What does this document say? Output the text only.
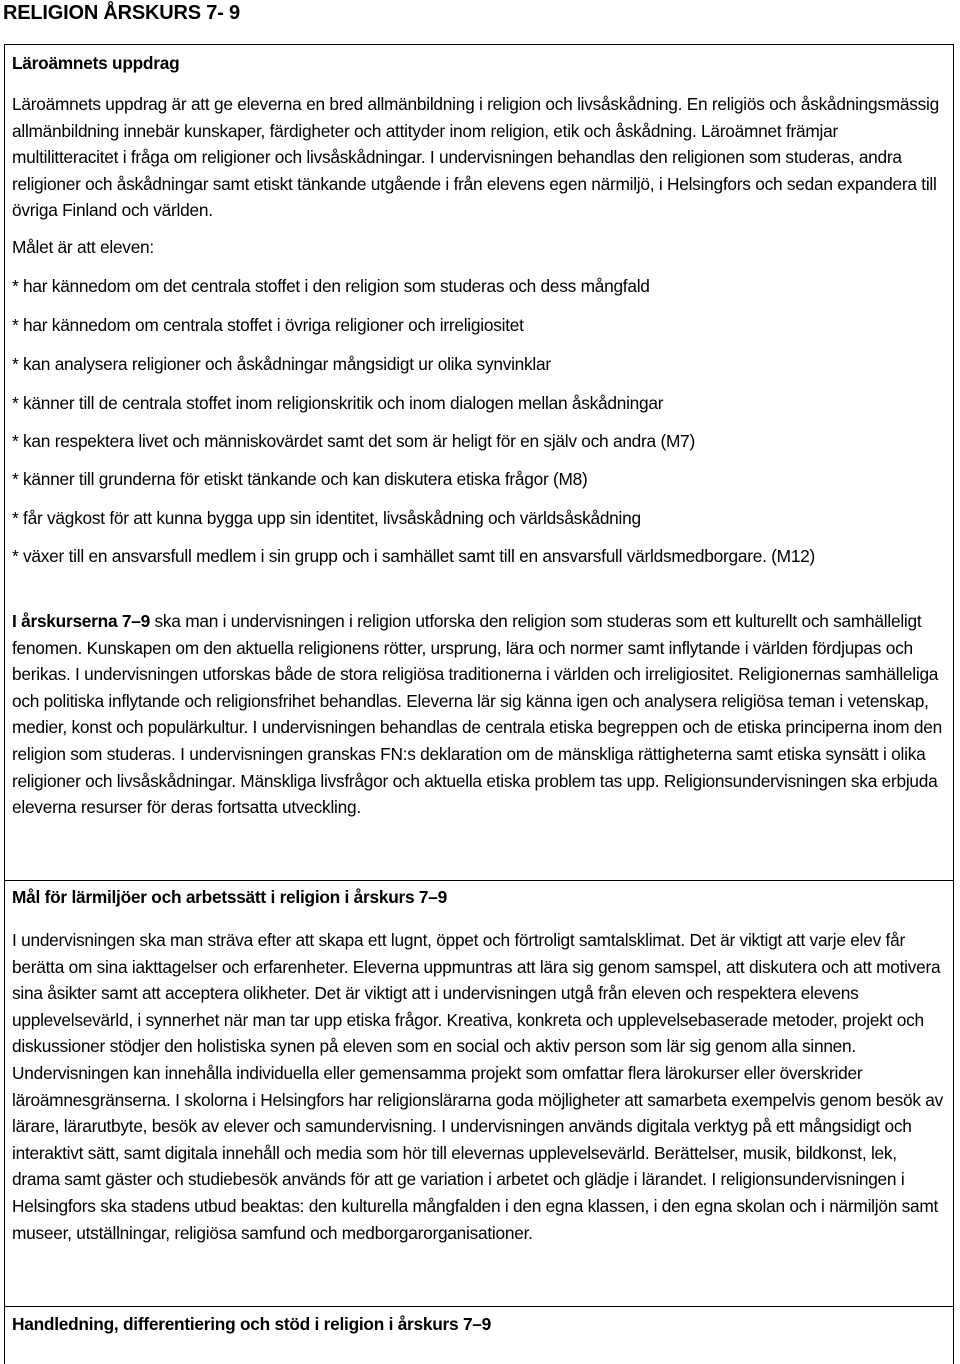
RELIGION ÅRSKURS 7- 9
Läroämnets uppdrag

Läroämnets uppdrag är att ge eleverna en bred allmänbildning i religion och livsåskådning. En religiös och åskådningsmässig allmänbildning innebär kunskaper, färdigheter och attityder inom religion, etik och åskådning. Läroämnet främjar multilitteracitet i fråga om religioner och livsåskådningar. I undervisningen behandlas den religionen som studeras, andra religioner och åskådningar samt etiskt tänkande utgående i från elevens egen närmiljö, i Helsingfors och sedan expandera till övriga Finland och världen.

Målet är att eleven:

* har kännedom om det centrala stoffet i den religion som studeras och dess mångfald

* har kännedom om centrala stoffet i övriga religioner och irreligiositet

* kan analysera religioner och åskådningar mångsidigt ur olika synvinklar

* känner till de centrala stoffet inom religionskritik och inom dialogen mellan åskådningar

* kan respektera livet och människovärdet samt det som är heligt för en själv och andra (M7)

* känner till grunderna för etiskt tänkande och kan diskutera etiska frågor (M8)

* får vägkost för att kunna bygga upp sin identitet, livsåskådning och världsåskådning

* växer till en ansvarsfull medlem i sin grupp och i samhället samt till en ansvarsfull världsmedborgare. (M12)

I årskurserna 7–9 ska man i undervisningen i religion utforska den religion som studeras som ett kulturellt och samhälleligt fenomen. Kunskapen om den aktuella religionens rötter, ursprung, lära och normer samt inflytande i världen fördjupas och berikas. I undervisningen utforskas både de stora religiösa traditionerna i världen och irreligiositet. Religionernas samhälleliga och politiska inflytande och religionsfrihet behandlas. Eleverna lär sig känna igen och analysera religiösa teman i vetenskap, medier, konst och populärkultur. I undervisningen behandlas de centrala etiska begreppen och de etiska principerna inom den religion som studeras. I undervisningen granskas FN:s deklaration om de mänskliga rättigheterna samt etiska synsätt i olika religioner och livsåskådningar. Mänskliga livsfrågor och aktuella etiska problem tas upp. Religionsundervisningen ska erbjuda eleverna resurser för deras fortsatta utveckling.

Mål för lärmiljöer och arbetssätt i religion i årskurs 7–9

I undervisningen ska man sträva efter att skapa ett lugnt, öppet och förtroligt samtalsklimat. Det är viktigt att varje elev får berätta om sina iakttagelser och erfarenheter. Eleverna uppmuntras att lära sig genom samspel, att diskutera och att motivera sina åsikter samt att acceptera olikheter. Det är viktigt att i undervisningen utgå från eleven och respektera elevens upplevelsevärld, i synnerhet när man tar upp etiska frågor. Kreativa, konkreta och upplevelsebaserade metoder, projekt och diskussioner stödjer den holistiska synen på eleven som en social och aktiv person som lär sig genom alla sinnen. Undervisningen kan innehålla individuella eller gemensamma projekt som omfattar flera lärokurser eller överskrider läroämnesgränserna. I skolorna i Helsingfors har religionslärarna goda möjligheter att samarbeta exempelvis genom besök av lärare, lärarutbyte, besök av elever och samundervisning. I undervisningen används digitala verktyg på ett mångsidigt och interaktivt sätt, samt digitala innehåll och media som hör till elevernas upplevelsevärld. Berättelser, musik, bildkonst, lek, drama samt gäster och studiebesök används för att ge variation i arbetet och glädje i lärandet. I religionsundervisningen i Helsingfors ska stadens utbud beaktas: den kulturella mångfalden i den egna klassen, i den egna skolan och i närmiljön samt museer, utställningar, religiösa samfund och medborgarorganisationer.

Handledning, differentiering och stöd i religion i årskurs 7–9
